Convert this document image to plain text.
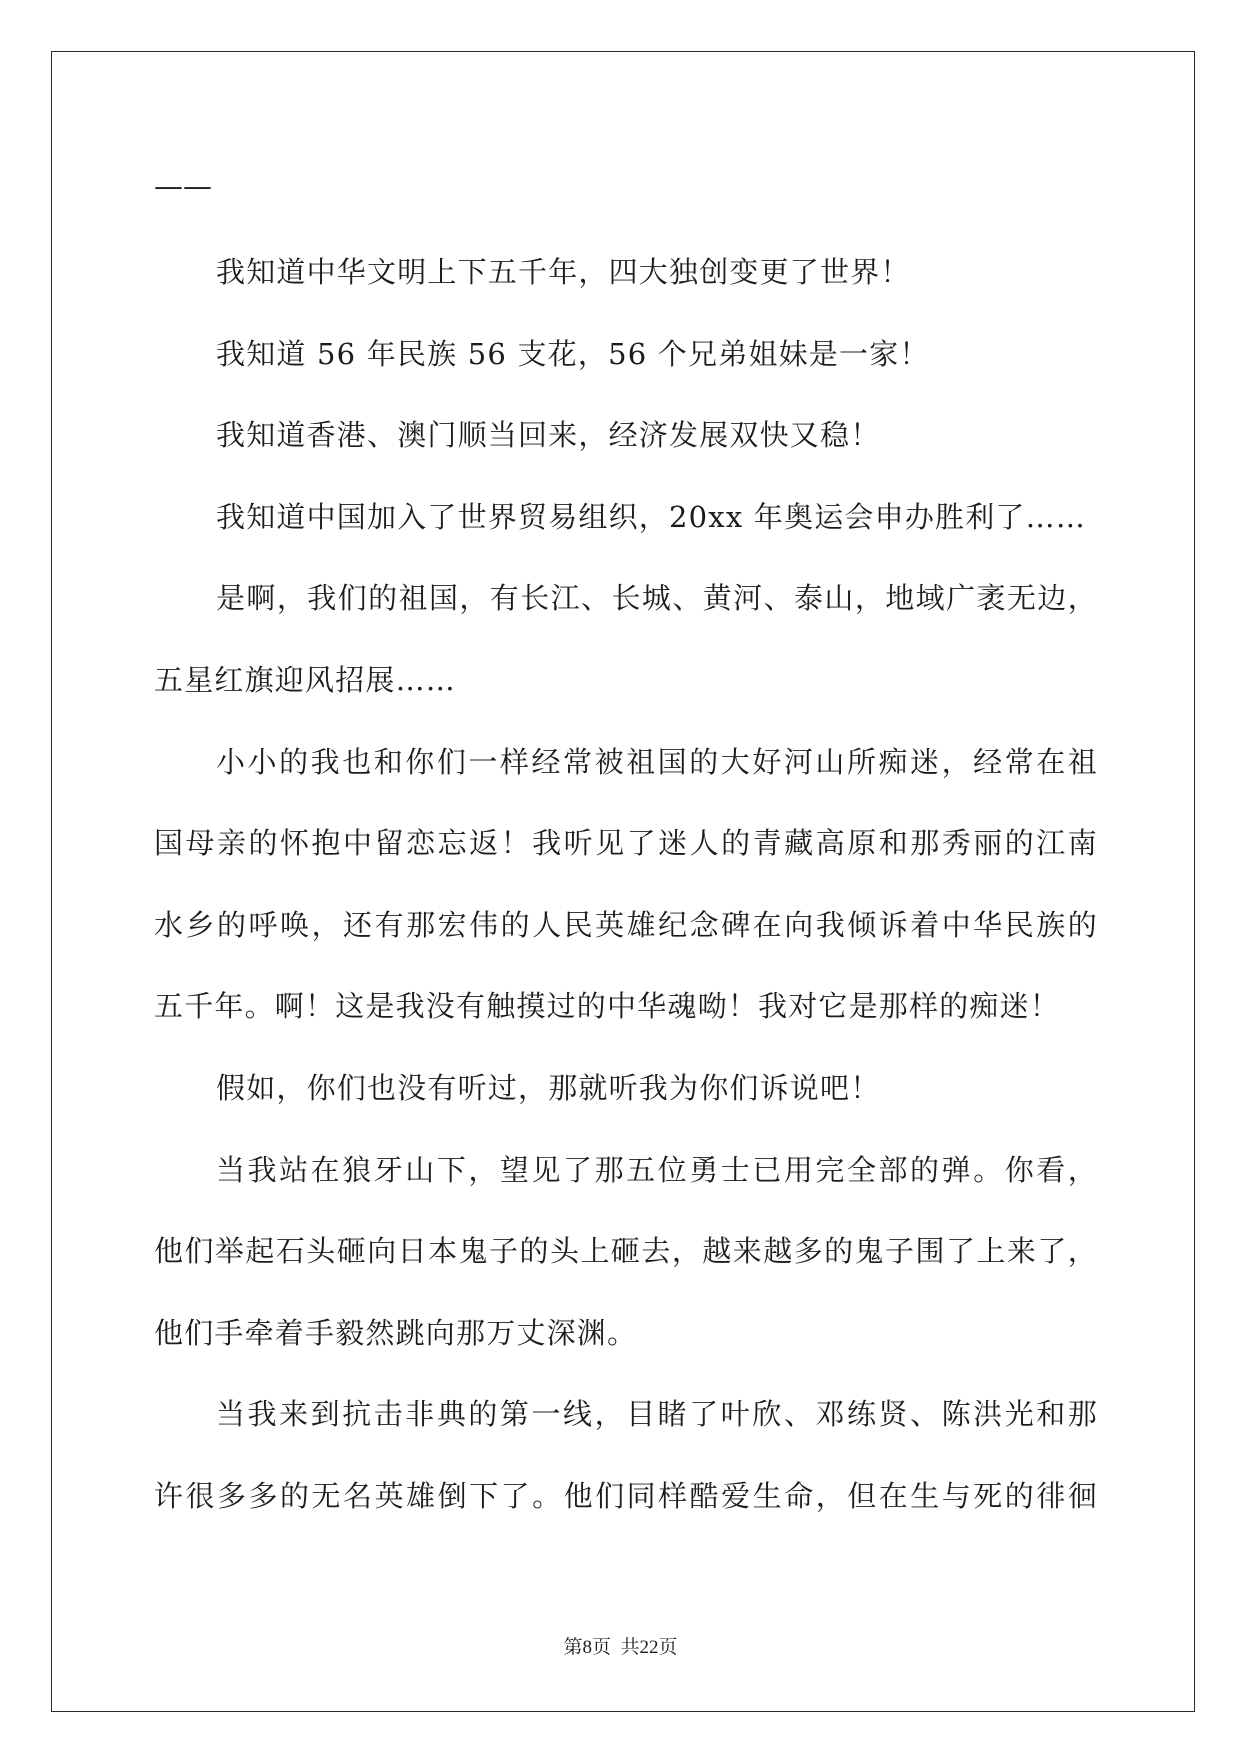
——
我知道中华文明上下五千年，四大独创变更了世界！
我知道 56 年民族 56 支花，56 个兄弟姐妹是一家！
我知道香港、澳门顺当回来，经济发展双快又稳！
我知道中国加入了世界贸易组织，20xx 年奥运会申办胜利了……
是啊，我们的祖国，有长江、长城、黄河、泰山，地域广袤无边，
五星红旗迎风招展……
小小的我也和你们一样经常被祖国的大好河山所痴迷，经常在祖
国母亲的怀抱中留恋忘返！我听见了迷人的青藏高原和那秀丽的江南
水乡的呼唤，还有那宏伟的人民英雄纪念碑在向我倾诉着中华民族的
五千年。啊！这是我没有触摸过的中华魂呦！我对它是那样的痴迷！
假如，你们也没有听过，那就听我为你们诉说吧！
当我站在狼牙山下，望见了那五位勇士已用完全部的弹。你看，
他们举起石头砸向日本鬼子的头上砸去，越来越多的鬼子围了上来了，
他们手牵着手毅然跳向那万丈深渊。
当我来到抗击非典的第一线，目睹了叶欣、邓练贤、陈洪光和那
许很多多的无名英雄倒下了。他们同样酷爱生命，但在生与死的徘徊
第8页  共22页
